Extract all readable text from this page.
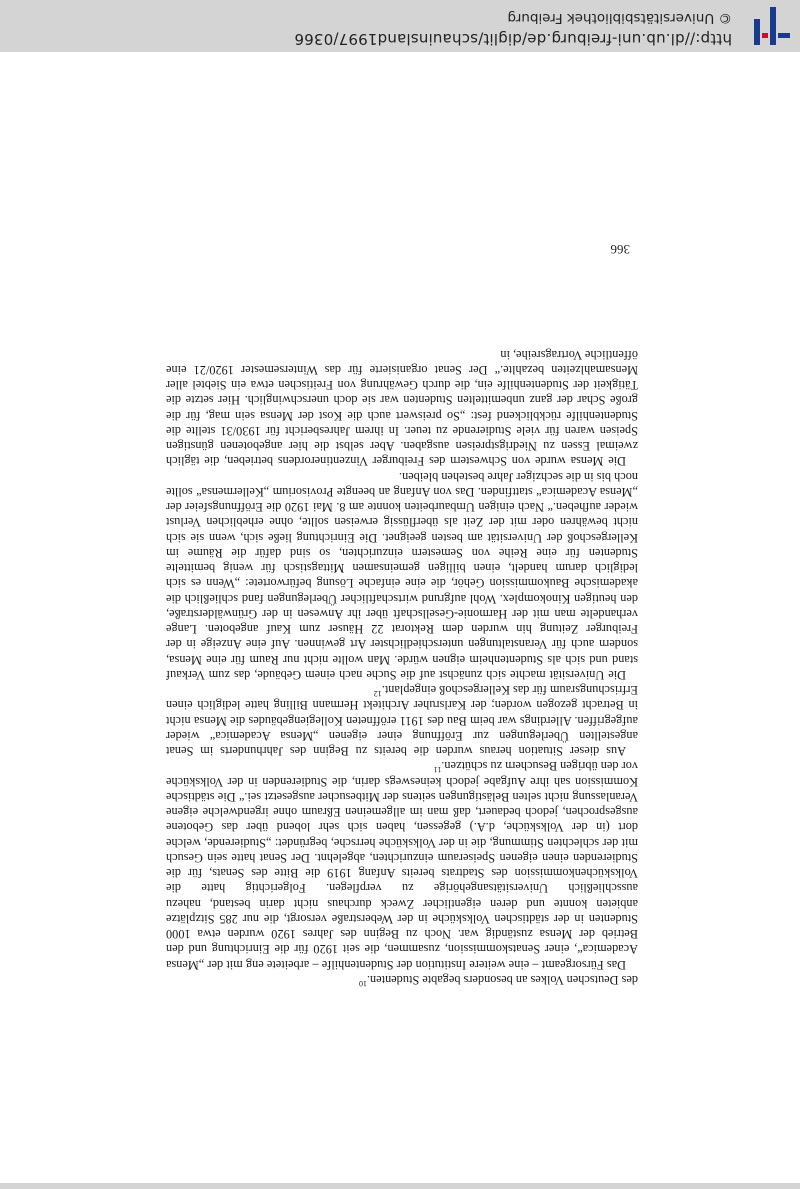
http://dl.ub.uni-freiburg.de/diglit/schauinsland1997/0366
© Universitätsbibliothek Freiburg

des Deutschen Volkes an besonders begabte Studenten.$^{10}$

Das Fürsorgeamt – eine weitere Institution der Studentenhilfe – arbeitete eng mit der „Mensa Academica“, einer Senatskommission, zusammen, die seit 1920 für die Einrichtung und den Betrieb der Mensa zuständig war. Noch zu Beginn des Jahres 1920 wurden etwa 1000 Studenten in der städtischen Volksküche in der Weberstraße versorgt, die nur 285 Sitzplätze anbieten konnte und deren eigentlicher Zweck durchaus nicht darin bestand, nahezu ausschließlich Universitätsangehörige zu verpflegen. Folgerichtig hatte die Volksküchenkommission des Stadtrats bereits Anfang 1919 die Bitte des Senats, für die Studierenden einen eigenen Speiseraum einzurichten, abgelehnt. Der Senat hatte sein Gesuch mit der schlechten Stimmung, die in der Volksküche herrsche, begründet: „Studierende, welche dort (in der Volksküche, d.A.) gegessen, haben sich sehr lobend über das Gebotene ausgesprochen, jedoch bedauert, daß man im allgemeinen Eßraum ohne irgendwelche eigene Veranlassung nicht selten Belästigungen seitens der Mitbesucher ausgesetzt sei.“ Die städtische Kommission sah ihre Aufgabe jedoch keineswegs darin, die Studierenden in der Volksküche vor den übrigen Besuchern zu schützen.$^{11}$

Aus dieser Situation heraus wurden die bereits zu Beginn des Jahrhunderts im Senat angestellten Überlegungen zur Eröffnung einer eigenen „Mensa Academica“ wieder aufgegriffen. Allerdings war beim Bau des 1911 eröffneten Kollegiengebäudes die Mensa nicht in Betracht gezogen worden; der Karlsruher Architekt Hermann Billing hatte lediglich einen Erfrischungsraum für das Kellergeschoß eingeplant.$^{12}$

Die Universität machte sich zunächst auf die Suche nach einem Gebäude, das zum Verkauf stand und sich als Studentenheim eignen würde. Man wollte nicht nur Raum für eine Mensa, sondern auch für Veranstaltungen unterschiedlichster Art gewinnen. Auf eine Anzeige in der Freiburger Zeitung hin wurden dem Rektorat 22 Häuser zum Kauf angeboten. Lange verhandelte man mit der Harmonie-Gesellschaft über ihr Anwesen in der Grünwälderstraße, den heutigen Kinokomplex. Wohl aufgrund wirtschaftlicher Überlegungen fand schließlich die akademische Baukommission Gehör, die eine einfache Lösung befürwortete: „Wenn es sich lediglich darum handelt, einen billigen gemeinsamen Mittagstisch für wenig bemittelte Studenten für eine Reihe von Semestern einzurichten, so sind dafür die Räume im Kellergeschoß der Universität am besten geeignet. Die Einrichtung ließe sich, wenn sie sich nicht bewähren oder mit der Zeit als überflüssig erweisen sollte, ohne erheblichen Verlust wieder aufheben.“ Nach einigen Umbaurbeiten konnte am 8. Mai 1920 die Eröffnungsfeier der „Mensa Academica“ stattfinden. Das von Anfang an beengte Provisorium „Kellermensa“ sollte noch bis in die sechziger Jahre bestehen bleiben.

Die Mensa wurde von Schwestern des Freiburger Vinzentinerordens betrieben, die täglich zweimal Essen zu Niedrigstpreisen ausgaben. Aber selbst die hier angebotenen günstigen Speisen waren für viele Studierende zu teuer. In ihrem Jahresbericht für 1930/31 stellte die Studentenhilfe rückblickend fest: „So preiswert auch die Kost der Mensa sein mag, für die große Schar der ganz unbemittelten Studenten war sie doch unerschwinglich. Hier setzte die Tätigkeit der Studentenhilfe ein, die durch Gewährung von Freitischen etwa ein Siebtel aller Mensamahlzeiten bezahlte.“ Der Senat organisierte für das Wintersemester 1920/21 eine öffentliche Vortragsreihe, in

366
